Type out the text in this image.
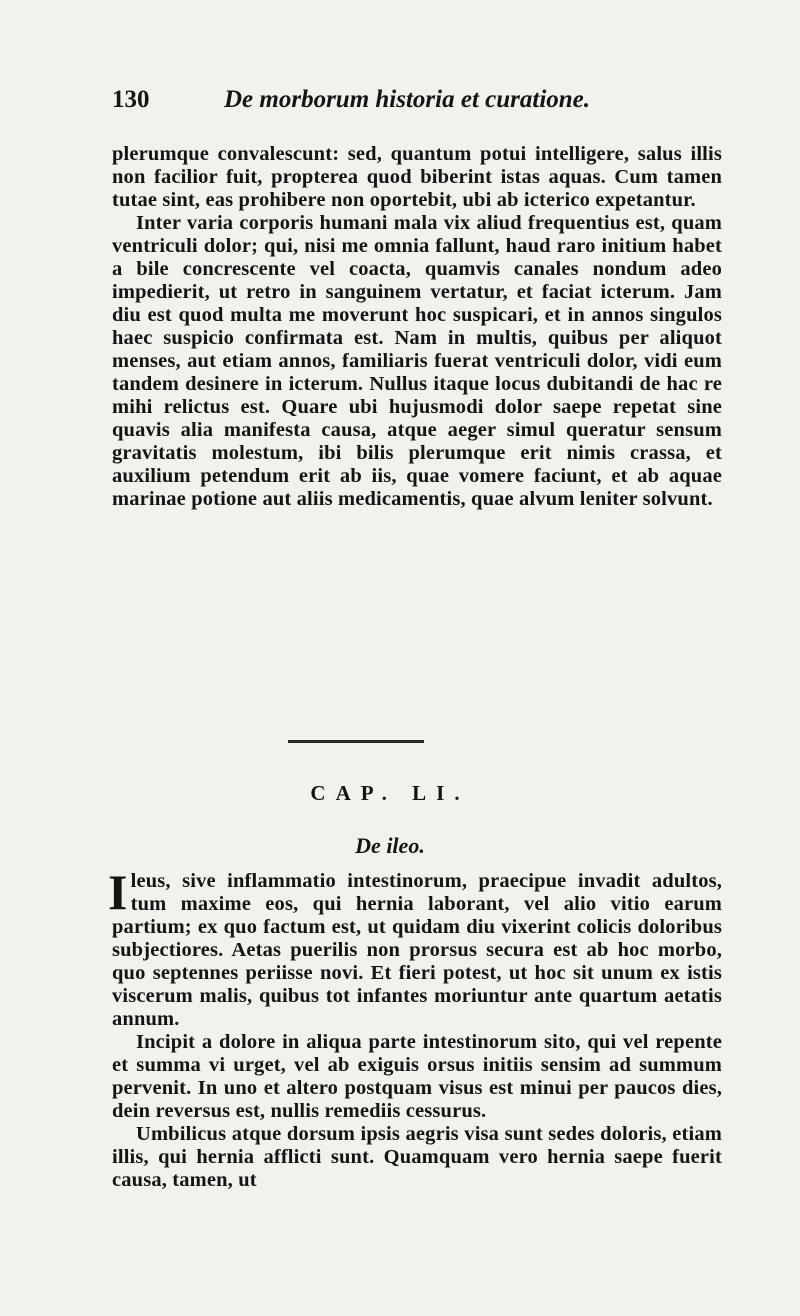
130	De morborum historia et curatione.

plerumque convalescunt: sed, quantum potui intelligere, salus illis non facilior fuit, propterea quod biberint istas aquas. Cum tamen tutae sint, eas prohibere non oportebit, ubi ab icterico expetantur.

Inter varia corporis humani mala vix aliud frequentius est, quam ventriculi dolor; qui, nisi me omnia fallunt, haud raro initium habet a bile concrescente vel coacta, quamvis canales nondum adeo impedierit, ut retro in sanguinem vertatur, et faciat icterum. Jam diu est quod multa me moverunt hoc suspicari, et in annos singulos haec suspicio confirmata est. Nam in multis, quibus per aliquot menses, aut etiam annos, familiaris fuerat ventriculi dolor, vidi eum tandem desinere in icterum. Nullus itaque locus dubitandi de hac re mihi relictus est. Quare ubi hujusmodi dolor saepe repetat sine quavis alia manifesta causa, atque aeger simul queratur sensum gravitatis molestum, ibi bilis plerumque erit nimis crassa, et auxilium petendum erit ab iis, quae vomere faciunt, et ab aquae marinae potione aut aliis medicamentis, quae alvum leniter solvunt.

CAP. LI.
De ileo.

Ileus, sive inflammatio intestinorum, praecipue invadit adultos, tum maxime eos, qui hernia laborant, vel alio vitio earum partium; ex quo factum est, ut quidam diu vixerint colicis doloribus subjectiores. Aetas puerilis non prorsus secura est ab hoc morbo, quo septennes periisse novi. Et fieri potest, ut hoc sit unum ex istis viscerum malis, quibus tot infantes moriuntur ante quartum aetatis annum.

Incipit a dolore in aliqua parte intestinorum sito, qui vel repente et summa vi urget, vel ab exiguis orsus initiis sensim ad summum pervenit. In uno et altero postquam visus est minui per paucos dies, dein reversus est, nullis remediis cessurus.

Umbilicus atque dorsum ipsis aegris visa sunt sedes doloris, etiam illis, qui hernia afflicti sunt. Quamquam vero hernia saepe fuerit causa, tamen, ut
